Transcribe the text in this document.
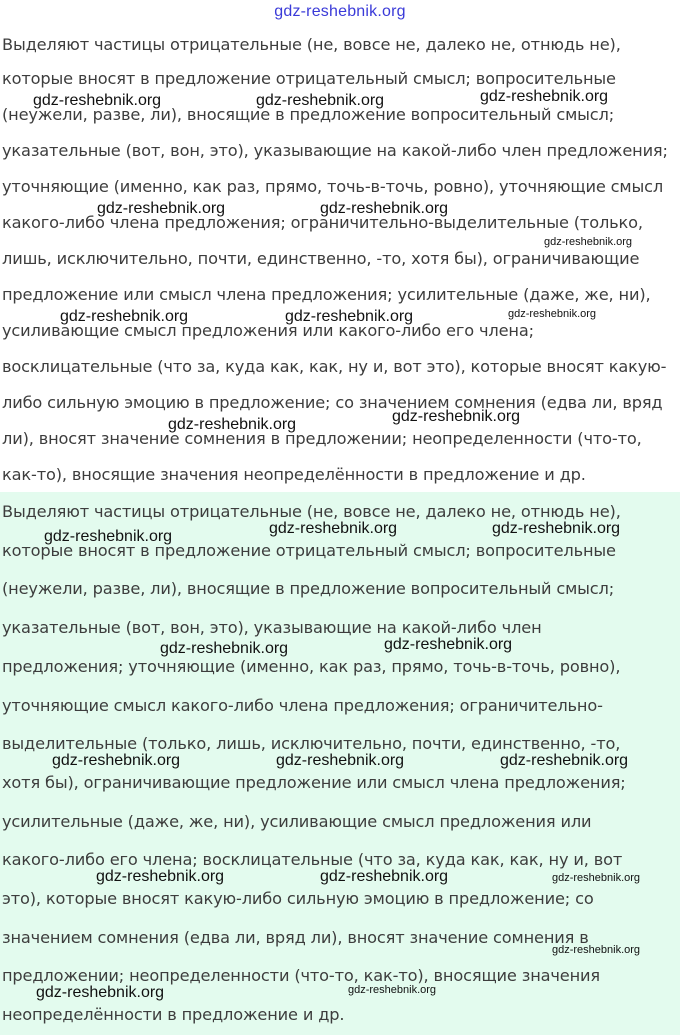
gdz-reshebnik.org
Выделяют частицы отрицательные (не, вовсе не, далеко не, отнюдь не),
которые вносят в предложение отрицательный смысл; вопросительные
(неужели, разве, ли), вносящие в предложение вопросительный смысл;
указательные (вот, вон, это), указывающие на какой-либо член предложения;
уточняющие (именно, как раз, прямо, точь-в-точь, ровно), уточняющие смысл
какого-либо члена предложения; ограничительно-выделительные (только,
лишь, исключительно, почти, единственно, -то, хотя бы), ограничивающие
предложение или смысл члена предложения; усилительные (даже, же, ни),
усиливающие смысл предложения или какого-либо его члена;
восклицательные (что за, куда как, как, ну и, вот это), которые вносят какую-
либо сильную эмоцию в предложение; со значением сомнения (едва ли, вряд
ли), вносят значение сомнения в предложении; неопределенности (что-то,
как-то), вносящие значения неопределённости в предложение и др.
Выделяют частицы отрицательные (не, вовсе не, далеко не, отнюдь не),
которые вносят в предложение отрицательный смысл; вопросительные
(неужели, разве, ли), вносящие в предложение вопросительный смысл;
указательные (вот, вон, это), указывающие на какой-либо член
предложения; уточняющие (именно, как раз, прямо, точь-в-точь, ровно),
уточняющие смысл какого-либо члена предложения; ограничительно-
выделительные (только, лишь, исключительно, почти, единственно, -то,
хотя бы), ограничивающие предложение или смысл члена предложения;
усилительные (даже, же, ни), усиливающие смысл предложения или
какого-либо его члена; восклицательные (что за, куда как, как, ну и, вот
это), которые вносят какую-либо сильную эмоцию в предложение; со
значением сомнения (едва ли, вряд ли), вносят значение сомнения в
предложении; неопределенности (что-то, как-то), вносящие значения
неопределённости в предложение и др.
gdz-reshebnik.org	gdz-reshebnik.org	gdz-reshebnik.org
gdz-reshebnik.org	gdz-reshebnik.org
gdz-reshebnik.org
gdz-reshebnik.org	gdz-reshebnik.org	gdz-reshebnik.org
gdz-reshebnik.org
gdz-reshebnik.org
gdz-reshebnik.org	gdz-reshebnik.org
gdz-reshebnik.org
gdz-reshebnik.org
gdz-reshebnik.org
gdz-reshebnik.org	gdz-reshebnik.org	gdz-reshebnik.org
gdz-reshebnik.org	gdz-reshebnik.org	gdz-reshebnik.org
gdz-reshebnik.org
gdz-reshebnik.org	gdz-reshebnik.org
